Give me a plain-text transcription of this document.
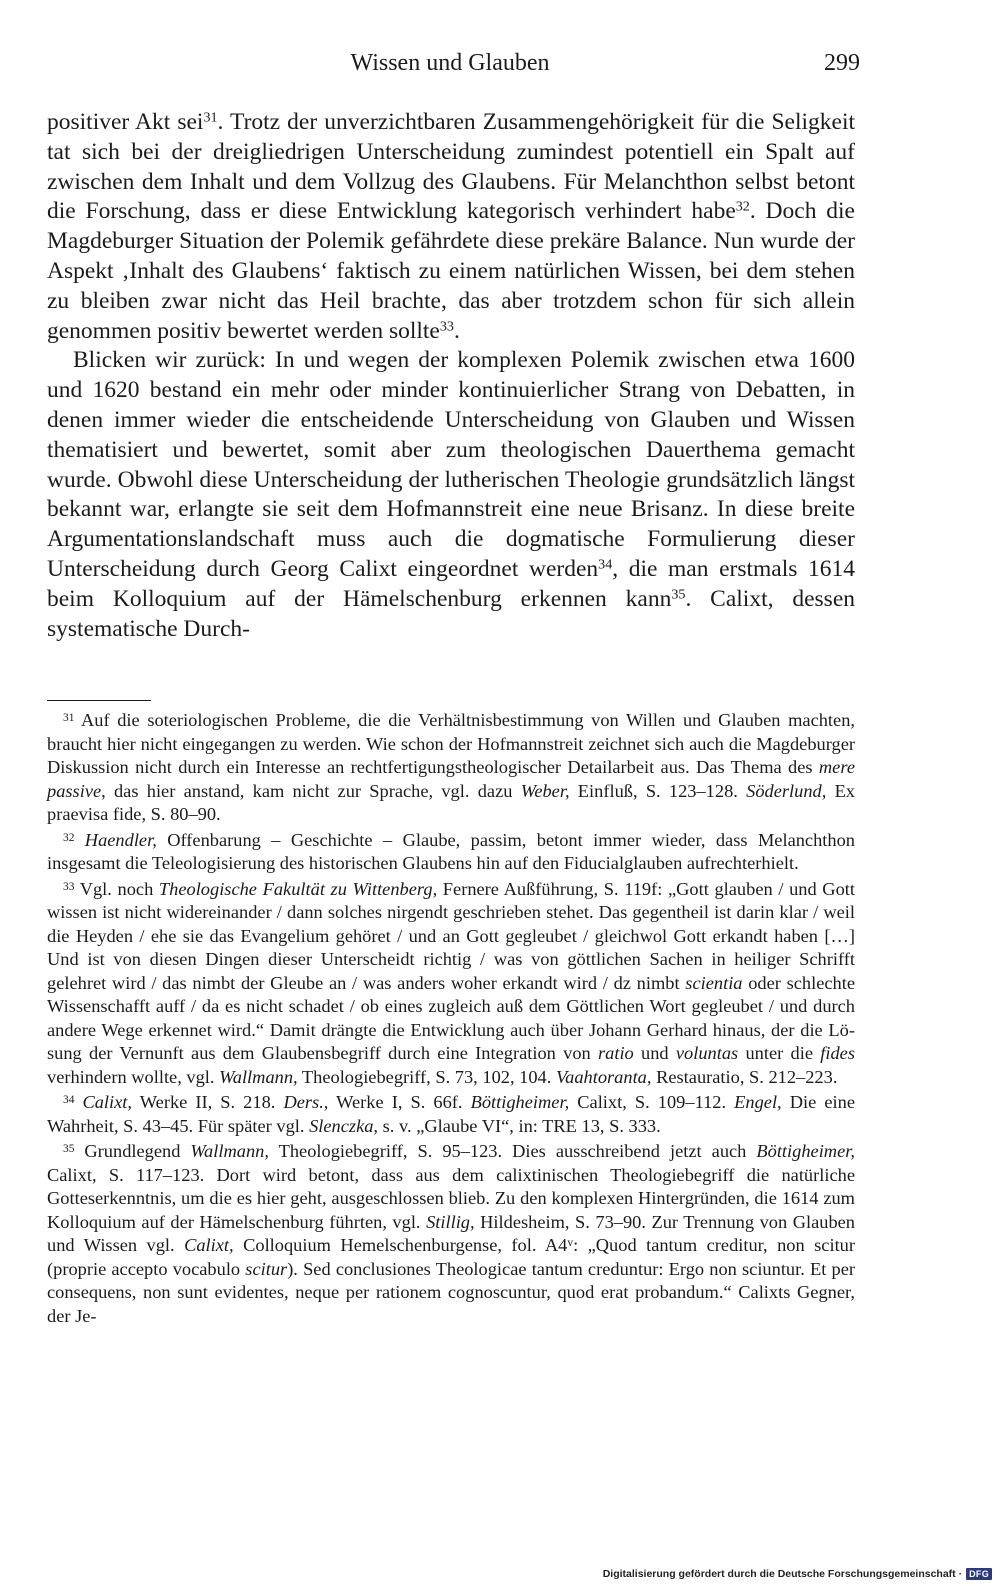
Wissen und Glauben	299

positiver Akt sei$^{31}$. Trotz der unverzichtbaren Zusammengehörigkeit für die Seligkeit tat sich bei der dreigliedrigen Unterscheidung zumindest potentiell ein Spalt auf zwischen dem Inhalt und dem Vollzug des Glaubens. Für Melanchthon selbst betont die Forschung, dass er diese Entwicklung kategorisch verhindert habe$^{32}$. Doch die Magdeburger Situation der Polemik gefährdete diese prekäre Balance. Nun wurde der Aspekt ‚Inhalt des Glaubens‘ faktisch zu einem natürlichen Wissen, bei dem stehen zu bleiben zwar nicht das Heil brachte, das aber trotzdem schon für sich allein genommen positiv bewertet werden sollte$^{33}$.

Blicken wir zurück: In und wegen der komplexen Polemik zwischen etwa 1600 und 1620 bestand ein mehr oder minder kontinuierlicher Strang von Debatten, in denen immer wieder die entscheidende Unterscheidung von Glauben und Wissen thematisiert und bewertet, somit aber zum theologischen Dauerthema gemacht wurde. Obwohl diese Unterscheidung der lutherischen Theologie grundsätzlich längst bekannt war, erlangte sie seit dem Hofmannstreit eine neue Brisanz. In diese breite Argumentationslandschaft muss auch die dogmatische Formulierung dieser Unterscheidung durch Georg Calixt eingeordnet werden$^{34}$, die man erstmals 1614 beim Kolloquium auf der Hämelschenburg erkennen kann$^{35}$. Calixt, dessen systematische Durch-

$^{31}$ Auf die soteriologischen Probleme, die die Verhältnisbestimmung von Willen und Glauben machten, braucht hier nicht eingegangen zu werden. Wie schon der Hofmannstreit zeichnet sich auch die Magdeburger Diskussion nicht durch ein Interesse an rechtfertigungstheologischer Detailarbeit aus. Das Thema des mere passive, das hier anstand, kam nicht zur Sprache, vgl. dazu Weber, Einfluß, S. 123–128. Söderlund, Ex praevisa fide, S. 80–90.

$^{32}$ Haendler, Offenbarung – Geschichte – Glaube, passim, betont immer wieder, dass Melanchthon insgesamt die Teleologisierung des historischen Glaubens hin auf den Fiducialglauben aufrechterhielt.

$^{33}$ Vgl. noch Theologische Fakultät zu Wittenberg, Fernere Außführung, S. 119f: „Gott glauben / und Gott wissen ist nicht widereinander / dann solches nirgendt geschrieben stehet. Das gegentheil ist darin klar / weil die Heyden / ehe sie das Evangelium gehöret / und an Gott gegleubet / gleichwol Gott erkandt haben […] Und ist von diesen Dingen dieser Unterscheidt richtig / was von göttlichen Sachen in heiliger Schrifft gelehret wird / das nimbt der Gleube an / was anders woher erkandt wird / dz nimbt scientia oder schlechte Wissenschafft auff / da es nicht schadet / ob eines zugleich auß dem Göttlichen Wort gegleubet / und durch andere Wege erkennet wird.“ Damit drängte die Entwicklung auch über Johann Gerhard hinaus, der die Lösung der Vernunft aus dem Glaubensbegriff durch eine Integration von ratio und voluntas unter die fides verhindern wollte, vgl. Wallmann, Theologiebegriff, S. 73, 102, 104. Vaahtoranta, Restauratio, S. 212–223.

$^{34}$ Calixt, Werke II, S. 218. Ders., Werke I, S. 66f. Böttigheimer, Calixt, S. 109–112. Engel, Die eine Wahrheit, S. 43–45. Für später vgl. Slenczka, s. v. „Glaube VI“, in: TRE 13, S. 333.

$^{35}$ Grundlegend Wallmann, Theologiebegriff, S. 95–123. Dies ausschreibend jetzt auch Böttigheimer, Calixt, S. 117–123. Dort wird betont, dass aus dem calixtinischen Theologiebegriff die natürliche Gotteserkenntnis, um die es hier geht, ausgeschlossen blieb. Zu den komplexen Hintergründen, die 1614 zum Kolloquium auf der Hämelschenburg führten, vgl. Stillig, Hildesheim, S. 73–90. Zur Trennung von Glauben und Wissen vgl. Calixt, Colloquium Hemelschenburgense, fol. A4$^v$: „Quod tantum creditur, non scitur (proprie accepto vocabulo scitur). Sed conclusiones Theologicae tantum creduntur: Ergo non sciuntur. Et per consequens, non sunt evidentes, neque per rationem cognoscuntur, quod erat probandum.“ Calixts Gegner, der Je-

Digitalisierung gefördert durch die Deutsche Forschungsgemeinschaft · DFG
